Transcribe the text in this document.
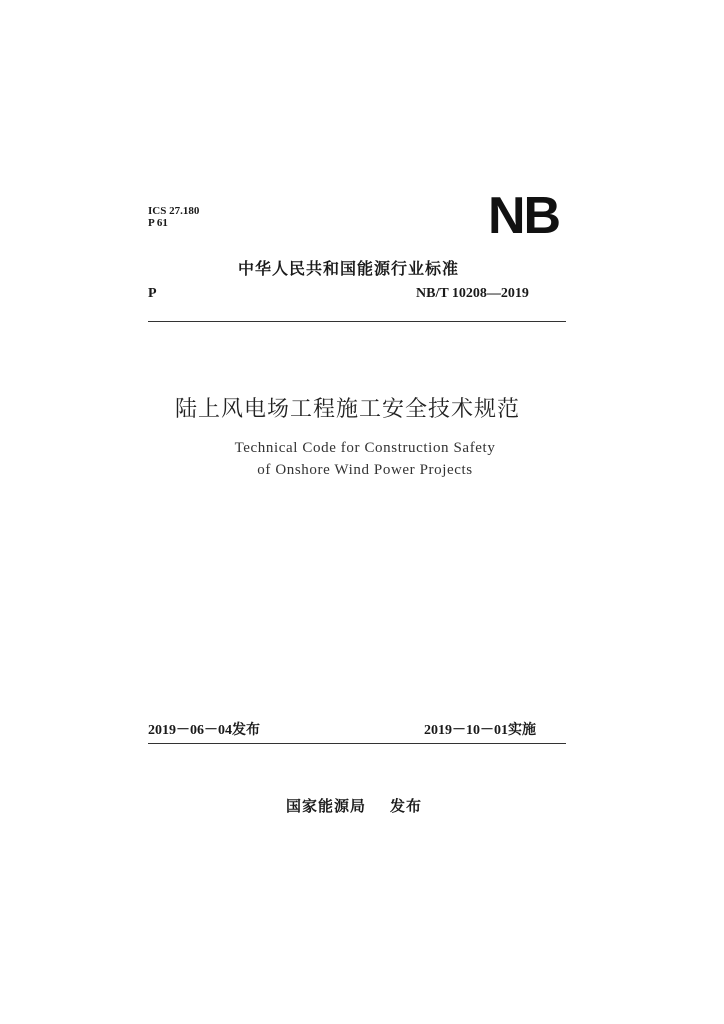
ICS 27.180
P 61	NB
中华人民共和国能源行业标准
P	NB/T 10208—2019
陆上风电场工程施工安全技术规范
Technical Code for Construction Safety
of Onshore Wind Power Projects
2019－06－04发布	2019－10－01实施
国家能源局 发布
